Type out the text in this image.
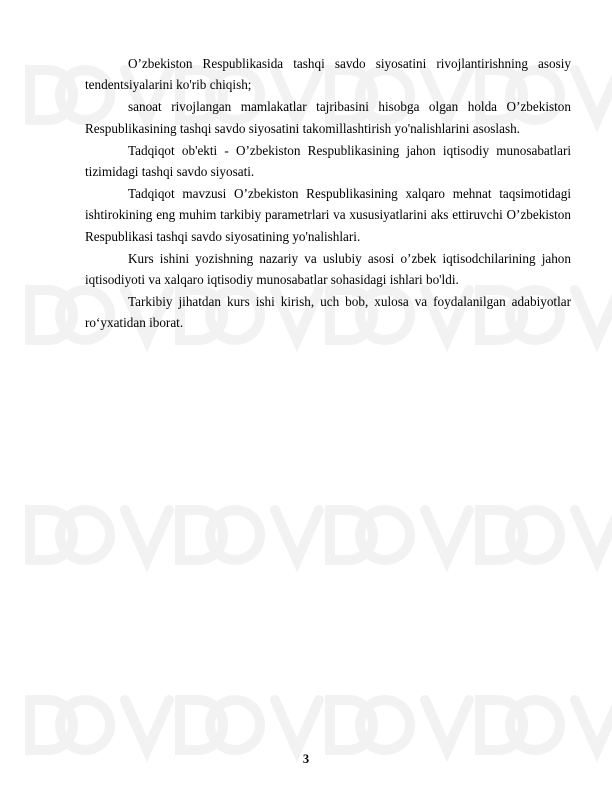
O’zbekiston Respublikasida tashqi savdo siyosatini rivojlantirishning asosiy tendentsiyalarini ko'rib chiqish;

sanoat rivojlangan mamlakatlar tajribasini hisobga olgan holda O’zbekiston Respublikasining tashqi savdo siyosatini takomillashtirish yo'nalishlarini asoslash.

Tadqiqot ob'ekti - O’zbekiston Respublikasining jahon iqtisodiy munosabatlari tizimidagi tashqi savdo siyosati.

Tadqiqot mavzusi O’zbekiston Respublikasining xalqaro mehnat taqsimotidagi ishtirokining eng muhim tarkibiy parametrlari va xususiyatlarini aks ettiruvchi O’zbekiston Respublikasi tashqi savdo siyosatining yo'nalishlari.

Kurs ishini yozishning nazariy va uslubiy asosi o’zbek iqtisodchilarining jahon iqtisodiyoti va xalqaro iqtisodiy munosabatlar sohasidagi ishlari bo'ldi.

Tarkibiy jihatdan kurs ishi kirish, uch bob, xulosa va foydalanilgan adabiyotlar ro‘yxatidan iborat.

3
